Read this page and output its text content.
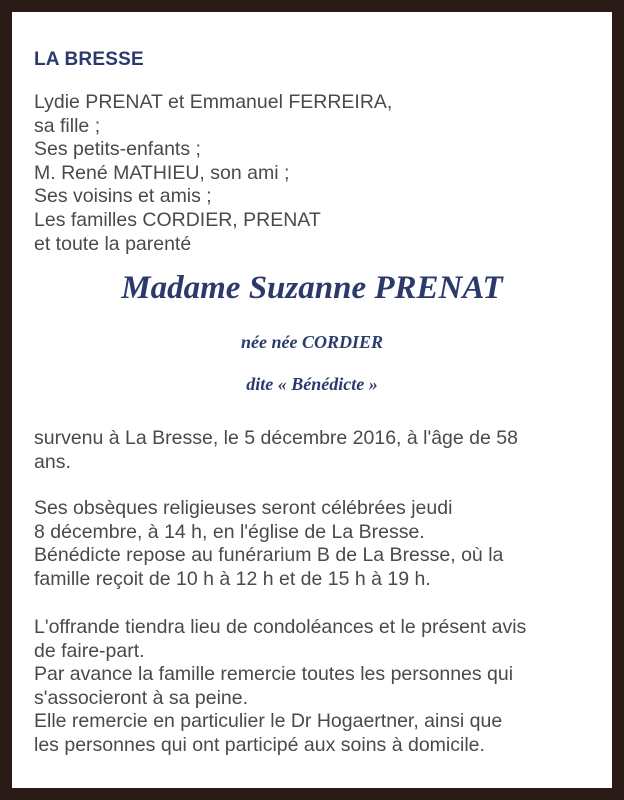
LA BRESSE
Lydie PRENAT et Emmanuel FERREIRA,
sa fille ;
Ses petits-enfants ;
M. René MATHIEU, son ami ;
Ses voisins et amis ;
Les familles CORDIER, PRENAT
et toute la parenté
Madame Suzanne PRENAT
née née CORDIER
dite « Bénédicte »
survenu à La Bresse, le 5 décembre 2016, à l'âge de 58
ans.
Ses obsèques religieuses seront célébrées jeudi
8 décembre, à 14 h, en l'église de La Bresse.
Bénédicte repose au funérarium B de La Bresse, où la
famille reçoit de 10 h à 12 h et de 15 h à 19 h.
L'offrande tiendra lieu de condoléances et le présent avis
de faire-part.
Par avance la famille remercie toutes les personnes qui
s'associeront à sa peine.
Elle remercie en particulier le Dr Hogaertner, ainsi que
les personnes qui ont participé aux soins à domicile.
